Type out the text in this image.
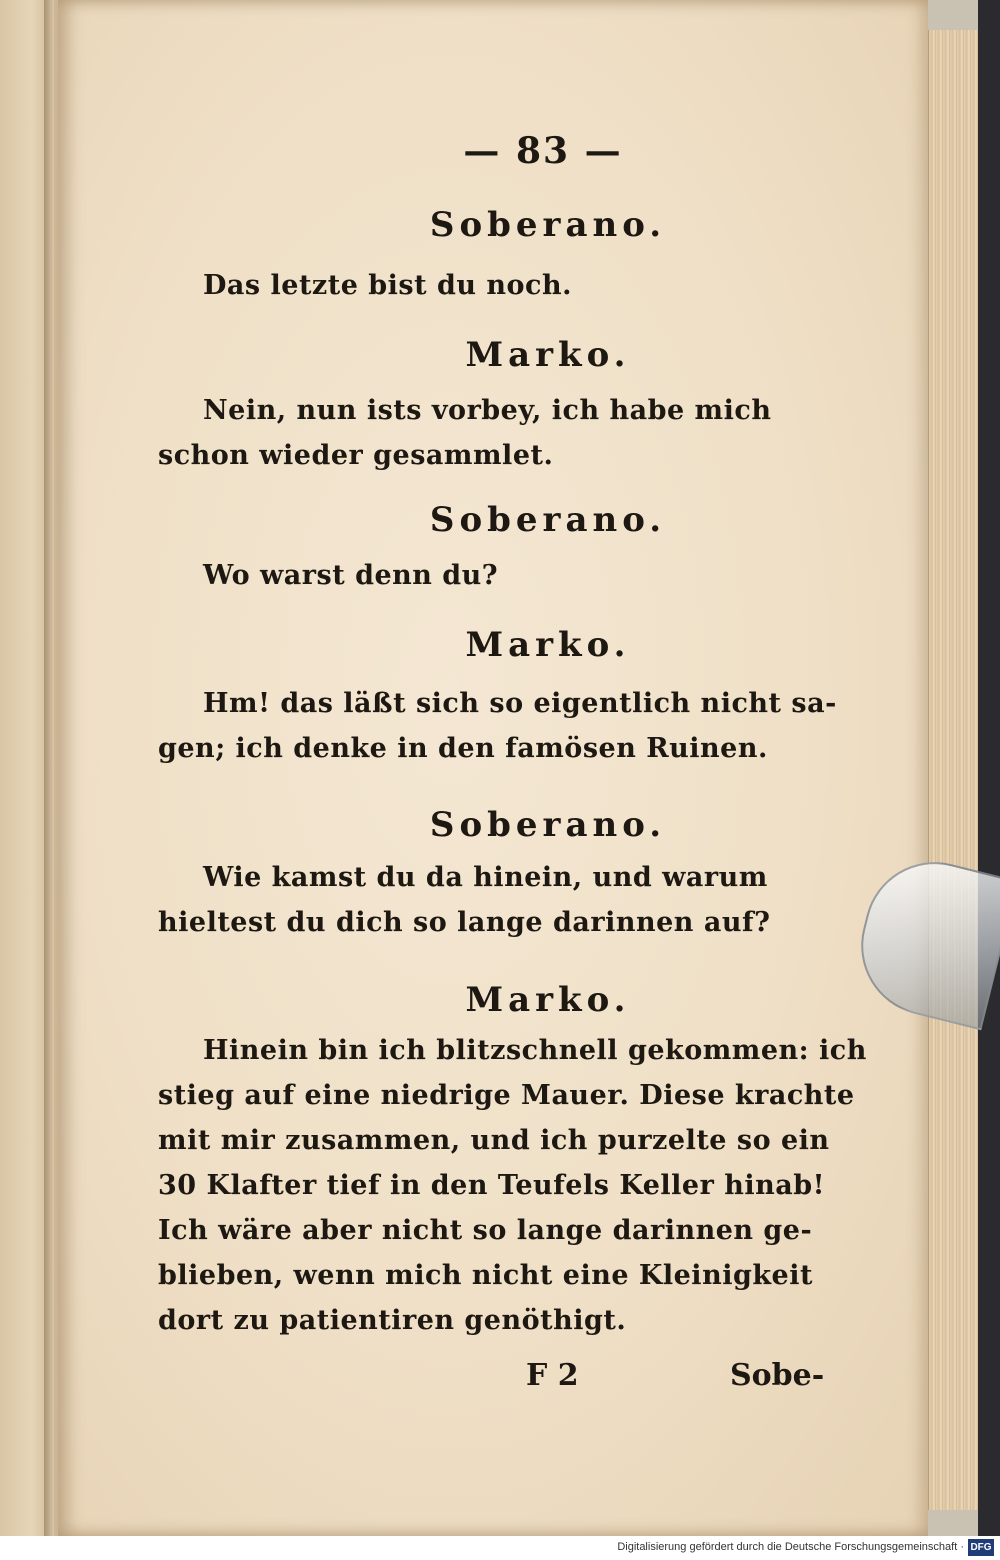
— 83 —

Soberano.

Das letzte bist du noch.

Marko.

Nein, nun ists vorbey, ich habe mich

schon wieder gesammlet.

Soberano.

Wo warst denn du?

Marko.

Hm! das läßt sich so eigentlich nicht sa-

gen; ich denke in den famösen Ruinen.

Soberano.

Wie kamst du da hinein, und warum

hieltest du dich so lange darinnen auf?

Marko.

Hinein bin ich blitzschnell gekommen: ich

stieg auf eine niedrige Mauer. Diese krachte

mit mir zusammen, und ich purzelte so ein

30 Klafter tief in den Teufels Keller hinab!

Ich wäre aber nicht so lange darinnen ge-

blieben, wenn mich nicht eine Kleinigkeit

dort zu patientiren genöthigt.

F 2	Sobe-

Digitalisierung gefördert durch die Deutsche Forschungsgemeinschaft · DFG
